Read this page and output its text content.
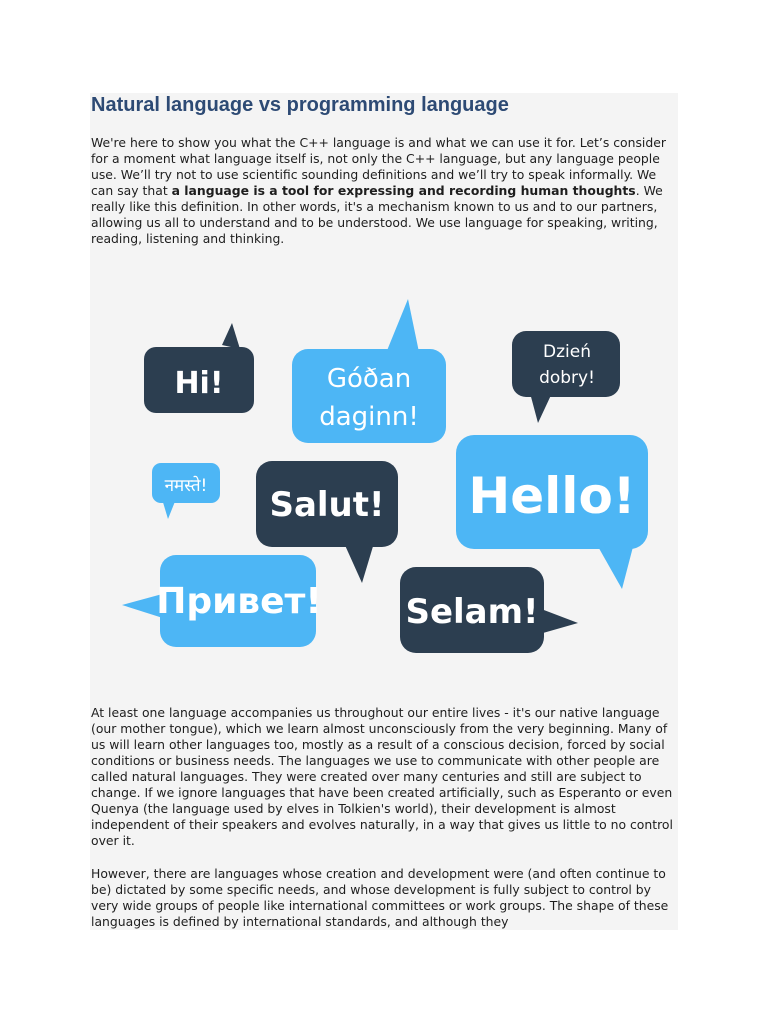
Natural language vs programming language

We're here to show you what the C++ language is and what we can use it for. Let’s consider for a moment what language itself is, not only the C++ language, but any language people use. We’ll try not to use scientific sounding definitions and we’ll try to speak informally. We can say that a language is a tool for expressing and recording human thoughts. We really like this definition. In other words, it's a mechanism known to us and to our partners, allowing us all to understand and to be understood. We use language for speaking, writing, reading, listening and thinking.

Hi!	Góðan
daginn!
Dzień
dobry!
नमस्ते! Salut! Hello!
Привет! Selam!

At least one language accompanies us throughout our entire lives - it's our native language (our mother tongue), which we learn almost unconsciously from the very beginning. Many of us will learn other languages too, mostly as a result of a conscious decision, forced by social conditions or business needs. The languages we use to communicate with other people are called natural languages. They were created over many centuries and still are subject to change. If we ignore languages that have been created artificially, such as Esperanto or even Quenya (the language used by elves in Tolkien's world), their development is almost independent of their speakers and evolves naturally, in a way that gives us little to no control over it.

However, there are languages whose creation and development were (and often continue to be) dictated by some specific needs, and whose development is fully subject to control by very wide groups of people like international committees or work groups. The shape of these languages is defined by international standards, and although they
